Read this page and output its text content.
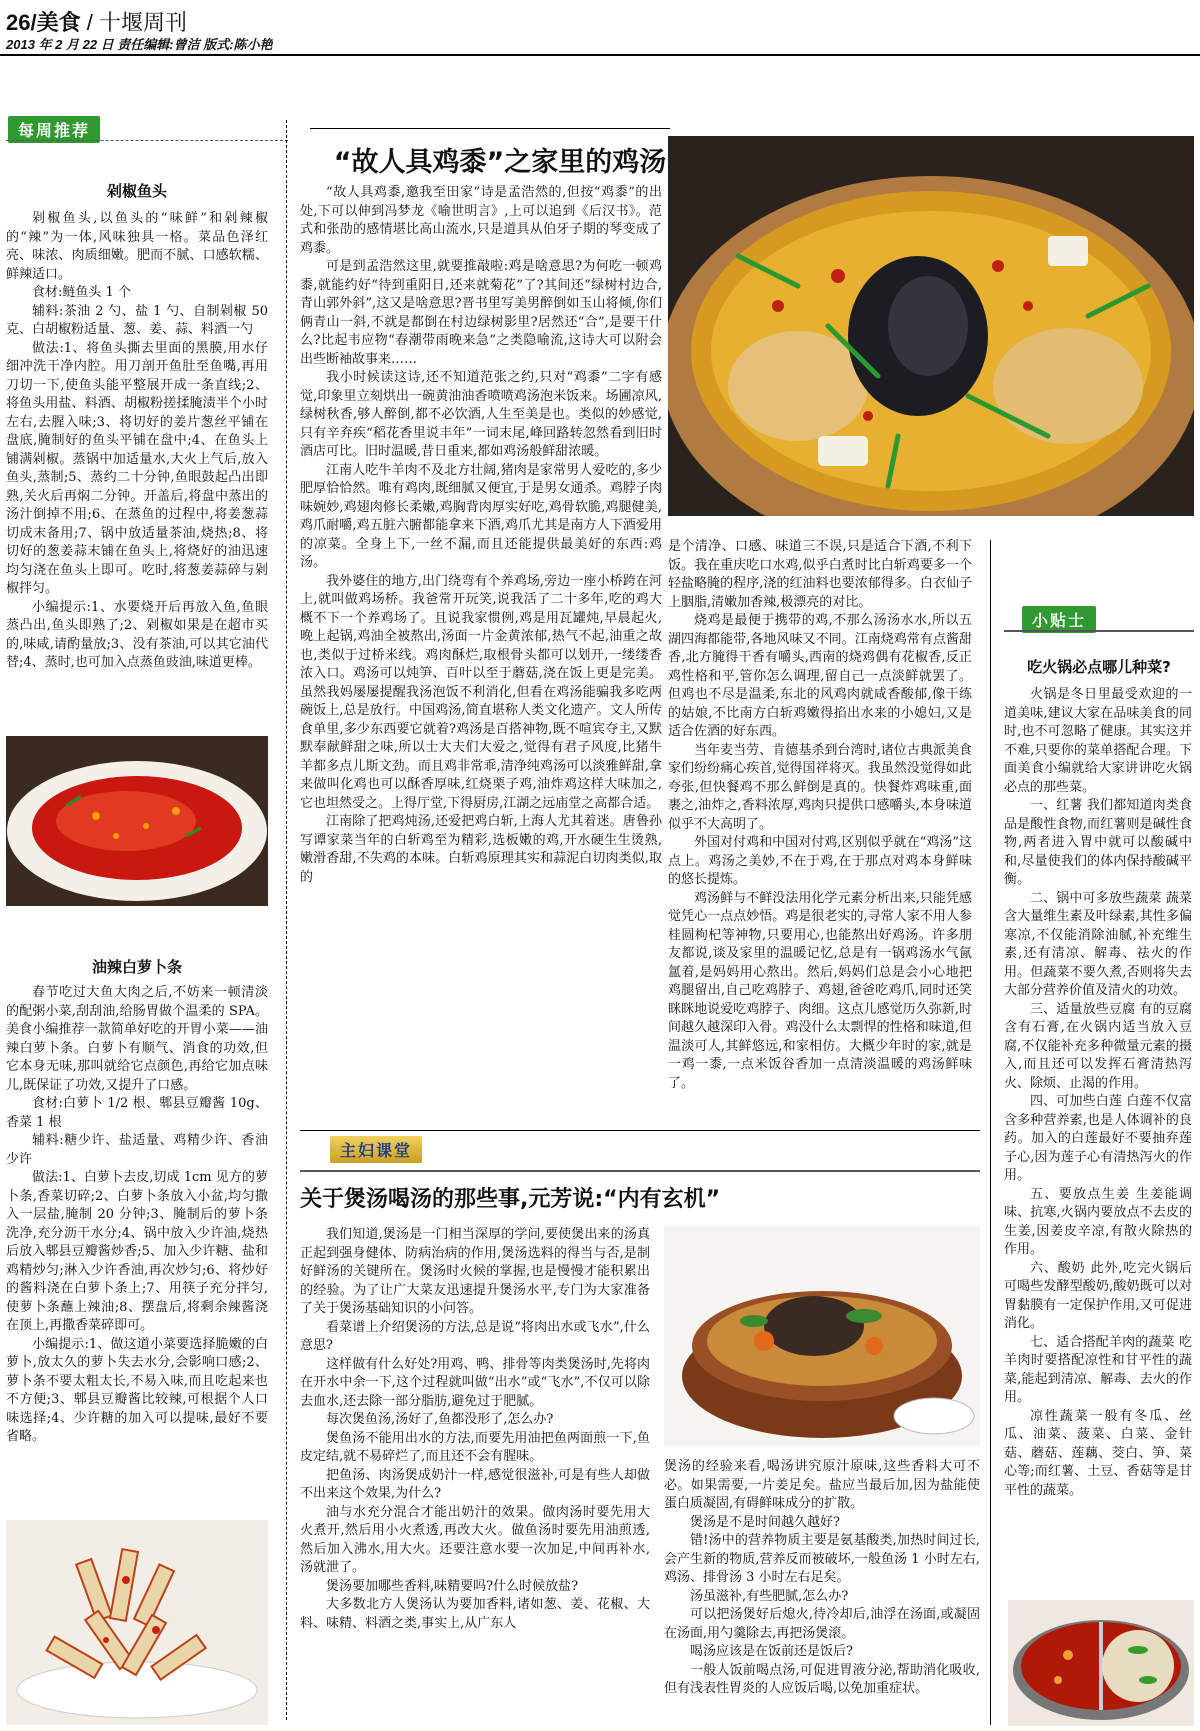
26/美食 / 十堰周刊
2013 年 2 月 22 日 责任编辑:曾洁 版式:陈小艳
每周推荐
剁椒鱼头

剁椒鱼头,以鱼头的“味鲜”和剁辣椒的“辣”为一体,风味独具一格。菜品色泽红亮、味浓、肉质细嫩。肥而不腻、口感软糯、鲜辣适口。

食材:鲢鱼头 1 个

辅料:茶油 2 勺、盐 1 勺、自制剁椒 50 克、白胡椒粉适量、葱、姜、蒜、料酒一勺

做法:1、将鱼头撕去里面的黑膜,用水仔细冲洗干净内腔。用刀剖开鱼肚至鱼嘴,再用刀切一下,使鱼头能平整展开成一条直线;2、将鱼头用盐、料酒、胡椒粉搓揉腌渍半个小时左右,去腥入味;3、将切好的姜片葱丝平铺在盘底,腌制好的鱼头平铺在盘中;4、在鱼头上铺满剁椒。蒸锅中加适量水,大火上气后,放入鱼头,蒸制;5、蒸约二十分钟,鱼眼鼓起凸出即熟,关火后再焖二分钟。开盖后,将盘中蒸出的汤汁倒掉不用;6、在蒸鱼的过程中,将姜葱蒜切成末备用;7、锅中放适量茶油,烧热;8、将切好的葱姜蒜末铺在鱼头上,将烧好的油迅速均匀浇在鱼头上即可。吃时,将葱姜蒜碎与剁椒拌匀。

小编提示:1、水要烧开后再放入鱼,鱼眼蒸凸出,鱼头即熟了;2、剁椒如果是在超市买的,味咸,请酌量放;3、没有茶油,可以其它油代替;4、蒸时,也可加入点蒸鱼豉油,味道更棒。

油辣白萝卜条

春节吃过大鱼大肉之后,不妨来一顿清淡的配粥小菜,刮刮油,给肠胃做个温柔的 SPA。美食小编推荐一款简单好吃的开胃小菜——油辣白萝卜条。白萝卜有顺气、消食的功效,但它本身无味,那叫就给它点颜色,再给它加点味儿,既保证了功效,又提升了口感。

食材:白萝卜 1/2 根、郫县豆瓣酱 10g、香菜 1 根

辅料:糖少许、盐适量、鸡精少许、香油少许

做法:1、白萝卜去皮,切成 1cm 见方的萝卜条,香菜切碎;2、白萝卜条放入小盆,均匀撒入一层盐,腌制 20 分钟;3、腌制后的萝卜条洗净,充分沥干水分;4、锅中放入少许油,烧热后放入郫县豆瓣酱炒香;5、加入少许糖、盐和鸡精炒匀;淋入少许香油,再次炒匀;6、将炒好的酱料浇在白萝卜条上;7、用筷子充分拌匀,使萝卜条蘸上辣油;8、摆盘后,将剩余辣酱浇在顶上,再撒香菜碎即可。

小编提示:1、做这道小菜要选择脆嫩的白萝卜,放太久的萝卜失去水分,会影响口感;2、萝卜条不要太粗太长,不易入味,而且吃起来也不方便;3、郫县豆瓣酱比较辣,可根据个人口味选择;4、少许糖的加入可以提味,最好不要省略。

“故人具鸡黍”之家里的鸡汤

“故人具鸡黍,邀我至田家”诗是孟浩然的,但按“鸡黍”的出处,下可以伸到冯梦龙《喻世明言》,上可以追到《后汉书》。范式和张劭的感情堪比高山流水,只是道具从伯牙子期的琴变成了鸡黍。

可是到孟浩然这里,就要推敲啦:鸡是啥意思?为何吃一顿鸡黍,就能约好“待到重阳日,还来就菊花”了?其间还“绿树村边合,青山郭外斜”,这又是啥意思?晋书里写美男醉倒如玉山将倾,你们俩青山一斜,不就是都倒在村边绿树影里?居然还“合”,是要干什么?比起韦应物“春潮带雨晚来急”之类隐喻流,这诗大可以附会出些断袖故事来……

我小时候读这诗,还不知道范张之约,只对“鸡黍”二字有感觉,印象里立刻烘出一碗黄油油香喷喷鸡汤泡米饭来。场圃凉风,绿树秋香,够人醉倒,都不必饮酒,人生至美是也。类似的妙感觉,只有辛弃疾“稻花香里说丰年”一词末尾,峰回路转忽然看到旧时酒店可比。旧时温暖,昔日重来,都如鸡汤般鲜甜浓暖。

江南人吃牛羊肉不及北方壮阔,猪肉是家常男人爱吃的,多少肥厚恰恰然。唯有鸡肉,既细腻又便宜,于是男女通杀。鸡脖子肉味婉妙,鸡翅肉修长柔嫩,鸡胸背肉厚实好吃,鸡骨软脆,鸡腿健美,鸡爪耐嚼,鸡五脏六腑都能拿来下酒,鸡爪尤其是南方人下酒爱用的凉菜。全身上下,一丝不漏,而且还能提供最美好的东西:鸡汤。

我外婆住的地方,出门绕弯有个养鸡场,旁边一座小桥跨在河上,就叫做鸡场桥。我爸常开玩笑,说我活了二十多年,吃的鸡大概不下一个养鸡场了。且说我家惯例,鸡是用瓦罐炖,早晨起火,晚上起锅,鸡油全被熬出,汤面一片金黄浓郁,热气不起,油重之故也,类似于过桥米线。鸡肉酥烂,取根骨头都可以划开,一缕缕香浓入口。鸡汤可以炖笋、百叶以至于蘑菇,浇在饭上更是完美。虽然我妈屡屡提醒我汤泡饭不利消化,但看在鸡汤能骗我多吃两碗饭上,总是放行。中国鸡汤,简直堪称人类文化遗产。文人所传食单里,多少东西要它就着?鸡汤是百搭神物,既不喧宾夺主,又默默奉献鲜甜之味,所以士大夫们大爱之,觉得有君子风度,比猪牛羊都多点儿斯文劲。而且鸡非常乖,清净纯鸡汤可以淡雅鲜甜,拿来做叫化鸡也可以酥香厚味,红烧栗子鸡,油炸鸡这样大味加之,它也坦然受之。上得厅堂,下得厨房,江湖之远庙堂之高都合适。

江南除了把鸡炖汤,还爱把鸡白斩,上海人尤其着迷。唐鲁孙写谭家菜当年的白斩鸡至为精彩,选板嫩的鸡,开水硬生生烫熟,嫩滑香甜,不失鸡的本味。白斩鸡原理其实和蒜泥白切肉类似,取的

是个清净、口感、味道三不误,只是适合下酒,不利下饭。我在重庆吃口水鸡,似乎白煮时比白斩鸡要多一个轻盐略腌的程序,浇的红油料也要浓郁得多。白衣仙子上胭脂,清嫩加香辣,极漂亮的对比。

烧鸡是最便于携带的鸡,不那么汤汤水水,所以五湖四海都能带,各地风味又不同。江南烧鸡常有点酱甜香,北方腌得干香有嚼头,西南的烧鸡偶有花椒香,反正鸡性格和平,管你怎么调理,留自己一点淡鲜就罢了。但鸡也不尽是温柔,东北的风鸡肉就咸香酸郁,像干练的姑娘,不比南方白斩鸡嫩得掐出水来的小媳妇,又是适合佐酒的好东西。

当年麦当劳、肯德基杀到台湾时,诸位古典派美食家们纷纷痛心疾首,觉得国祥将灭。我虽然没觉得如此夸张,但快餐鸡不那么鲜倒是真的。快餐炸鸡味重,面裹之,油炸之,香料浓厚,鸡肉只提供口感嚼头,本身味道似乎不大高明了。

外国对付鸡和中国对付鸡,区别似乎就在“鸡汤”这点上。鸡汤之美妙,不在于鸡,在于那点对鸡本身鲜味的悠长提炼。

鸡汤鲜与不鲜没法用化学元素分析出来,只能凭感觉凭心一点点妙悟。鸡是很老实的,寻常人家不用人参桂圆枸杞等神物,只要用心,也能熬出好鸡汤。许多朋友都说,谈及家里的温暖记忆,总是有一锅鸡汤水气氤氲着,是妈妈用心熬出。然后,妈妈们总是会小心地把鸡腿留出,自己吃鸡脖子、鸡翅,爸爸吃鸡爪,同时还笑眯眯地说爱吃鸡脖子、肉细。这点儿感觉历久弥新,时间越久越深印入骨。鸡没什么太剽悍的性格和味道,但温淡可人,其鲜悠远,和家相仿。大概少年时的家,就是一鸡一黍,一点米饭谷香加一点清淡温暖的鸡汤鲜味了。

主妇课堂
关于煲汤喝汤的那些事,元芳说:“内有玄机”

我们知道,煲汤是一门相当深厚的学问,要使煲出来的汤真正起到强身健体、防病治病的作用,煲汤选料的得当与否,是制好鲜汤的关键所在。煲汤时火候的掌握,也是慢慢才能积累出的经验。为了让广大菜友迅速提升煲汤水平,专门为大家准备了关于煲汤基础知识的小问答。

看菜谱上介绍煲汤的方法,总是说“将肉出水或飞水”,什么意思?

这样做有什么好处?用鸡、鸭、排骨等肉类煲汤时,先将肉在开水中余一下,这个过程就叫做“出水”或“飞水”,不仅可以除去血水,还去除一部分脂肪,避免过于肥腻。

每次煲鱼汤,汤好了,鱼都没形了,怎么办?

煲鱼汤不能用出水的方法,而要先用油把鱼两面煎一下,鱼皮定结,就不易碎烂了,而且还不会有腥味。

把鱼汤、肉汤煲成奶汁一样,感觉很滋补,可是有些人却做不出来这个效果,为什么?

油与水充分混合才能出奶汁的效果。做肉汤时要先用大火煮开,然后用小火煮透,再改大火。做鱼汤时要先用油煎透,然后加入沸水,用大火。还要注意水要一次加足,中间再补水,汤就泄了。

煲汤要加哪些香料,味精要吗?什么时候放盐?

大多数北方人煲汤认为要加香料,诸如葱、姜、花椒、大料、味精、料酒之类,事实上,从广东人

煲汤的经验来看,喝汤讲究原汁原味,这些香料大可不必。如果需要,一片姜足矣。盐应当最后加,因为盐能使蛋白质凝固,有碍鲜味成分的扩散。

煲汤是不是时间越久越好?

错!汤中的营养物质主要是氨基酸类,加热时间过长,会产生新的物质,营养反而被破坏,一般鱼汤 1 小时左右,鸡汤、排骨汤 3 小时左右足矣。

汤虽滋补,有些肥腻,怎么办?

可以把汤煲好后熄火,待冷却后,油浮在汤面,或凝固在汤面,用勺羹除去,再把汤煲滚。

喝汤应该是在饭前还是饭后?

一般人饭前喝点汤,可促进胃液分泌,帮助消化吸收,但有浅表性胃炎的人应饭后喝,以免加重症状。

小贴士
吃火锅必点哪儿种菜?

火锅是冬日里最受欢迎的一道美味,建议大家在品味美食的同时,也不可忽略了健康。其实这并不难,只要你的菜单搭配合理。下面美食小编就给大家讲讲吃火锅必点的那些菜。

一、红薯 我们都知道肉类食品是酸性食物,而红薯则是碱性食物,两者进入胃中就可以酸碱中和,尽量使我们的体内保持酸碱平衡。

二、锅中可多放些蔬菜 蔬菜含大量维生素及叶绿素,其性多偏寒凉,不仅能消除油腻,补充维生素,还有清凉、解毒、祛火的作用。但蔬菜不要久煮,否则将失去大部分营养价值及清火的功效。

三、适量放些豆腐 有的豆腐含有石膏,在火锅内适当放入豆腐,不仅能补充多种微量元素的摄入,而且还可以发挥石膏清热泻火、除烦、止渴的作用。

四、可加些白莲 白莲不仅富含多种营养素,也是人体调补的良药。加入的白莲最好不要抽弃莲子心,因为莲子心有清热泻火的作用。

五、要放点生姜 生姜能调味、抗寒,火锅内要放点不去皮的生姜,因姜皮辛凉,有散火除热的作用。

六、酸奶 此外,吃完火锅后可喝些发酵型酸奶,酸奶既可以对胃黏膜有一定保护作用,又可促进消化。

七、适合搭配羊肉的蔬菜 吃羊肉时要搭配凉性和甘平性的蔬菜,能起到清凉、解毒、去火的作用。

凉性蔬菜一般有冬瓜、丝瓜、油菜、菠菜、白菜、金针菇、蘑菇、莲藕、茭白、笋、菜心等;而红薯、土豆、香菇等是甘平性的蔬菜。
